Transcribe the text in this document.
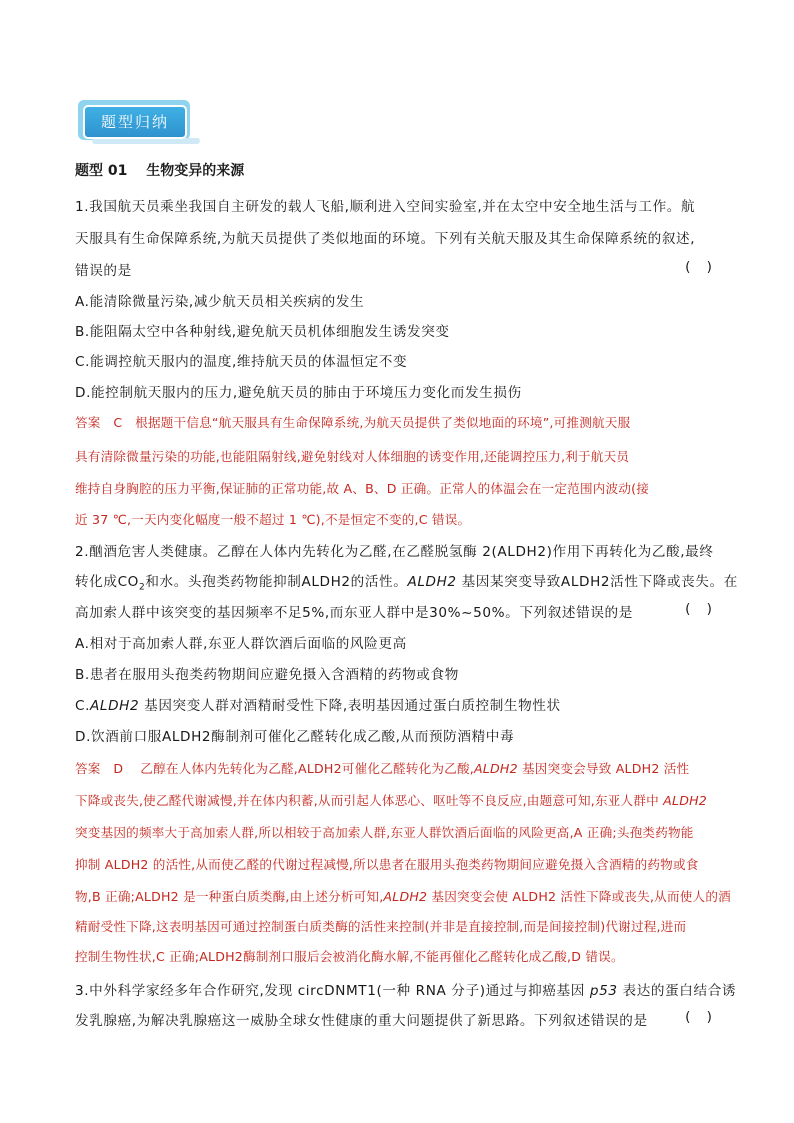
题型归纳
题型 01　 生物变异的来源
1.我国航天员乘坐我国自主研发的载人飞船,顺利进入空间实验室,并在太空中安全地生活与工作。航
天服具有生命保障系统,为航天员提供了类似地面的环境。下列有关航天服及其生命保障系统的叙述,
错误的是	( )
A.能清除微量污染,减少航天员相关疾病的发生
B.能阻隔太空中各种射线,避免航天员机体细胞发生诱发突变
C.能调控航天服内的温度,维持航天员的体温恒定不变
D.能控制航天服内的压力,避免航天员的肺由于环境压力变化而发生损伤
答案　C　根据题干信息“航天服具有生命保障系统,为航天员提供了类似地面的环境”,可推测航天服
具有清除微量污染的功能,也能阻隔射线,避免射线对人体细胞的诱变作用,还能调控压力,利于航天员
维持自身胸腔的压力平衡,保证肺的正常功能,故 A、B、D 正确。正常人的体温会在一定范围内波动(接
近 37 ℃,一天内变化幅度一般不超过 1 ℃),不是恒定不变的,C 错误。
2.酗酒危害人类健康。乙醇在人体内先转化为乙醛,在乙醛脱氢酶 2(ALDH2)作用下再转化为乙酸,最终
转化成$CO_2$和水。头孢类药物能抑制ALDH2的活性。ALDH2 基因某突变导致ALDH2活性下降或丧失。在
高加索人群中该突变的基因频率不足5%,而东亚人群中是30%~50%。下列叙述错误的是	( )
A.相对于高加索人群,东亚人群饮酒后面临的风险更高
B.患者在服用头孢类药物期间应避免摄入含酒精的药物或食物
C.ALDH2 基因突变人群对酒精耐受性下降,表明基因通过蛋白质控制生物性状
D.饮酒前口服ALDH2酶制剂可催化乙醛转化成乙酸,从而预防酒精中毒
答案　D　 乙醇在人体内先转化为乙醛,ALDH2可催化乙醛转化为乙酸,ALDH2 基因突变会导致 ALDH2 活性
下降或丧失,使乙醛代谢减慢,并在体内积蓄,从而引起人体恶心、呕吐等不良反应,由题意可知,东亚人群中 ALDH2
突变基因的频率大于高加索人群,所以相较于高加索人群,东亚人群饮酒后面临的风险更高,A 正确;头孢类药物能
抑制 ALDH2 的活性,从而使乙醛的代谢过程减慢,所以患者在服用头孢类药物期间应避免摄入含酒精的药物或食
物,B 正确;ALDH2 是一种蛋白质类酶,由上述分析可知,ALDH2 基因突变会使 ALDH2 活性下降或丧失,从而使人的酒
精耐受性下降,这表明基因可通过控制蛋白质类酶的活性来控制(并非是直接控制,而是间接控制)代谢过程,进而
控制生物性状,C 正确;ALDH2酶制剂口服后会被消化酶水解,不能再催化乙醛转化成乙酸,D 错误。
3.中外科学家经多年合作研究,发现 circDNMT1(一种 RNA 分子)通过与抑癌基因 p53 表达的蛋白结合诱
发乳腺癌,为解决乳腺癌这一威胁全球女性健康的重大问题提供了新思路。下列叙述错误的是	( )
